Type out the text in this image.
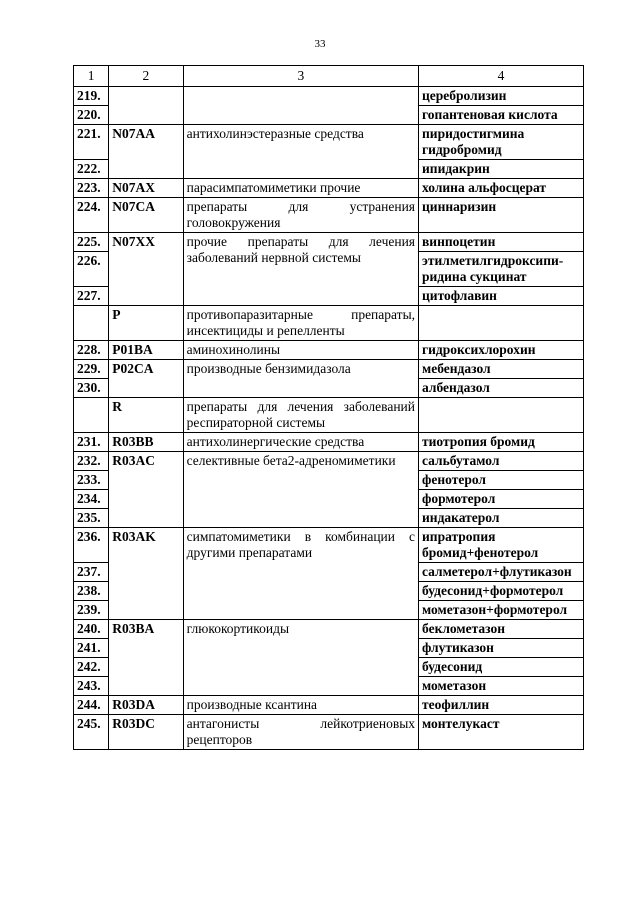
33
1	2	3	4
219.			церебролизин
220.			гопантеновая кислота
221.	N07AA	антихолинэстеразные средства	пиридостигмина гидробромид
222.			ипидакрин
223.	N07AX	парасимпатомиметики прочие	холина альфосцерат
224.	N07CA	препараты для устранения головокружения	циннаризин
225.	N07XX	прочие препараты для лечения заболеваний нервной системы	винпоцетин
226.			этилметилгидроксипи-ридина сукцинат
227.			цитофлавин
	P	противопаразитарные препараты, инсектициды и репелленты	
228.	P01BA	аминохинолины	гидроксихлорохин
229.	P02CA	производные бензимидазола	мебендазол
230.			албендазол
	R	препараты для лечения заболеваний респираторной системы	
231.	R03BB	антихолинергические средства	тиотропия бромид
232.	R03AC	селективные бета2-адреномиметики	сальбутамол
233.			фенотерол
234.			формотерол
235.			индакатерол
236.	R03AK	симпатомиметики в комбинации с другими препаратами	ипратропия бромид+фенотерол
237.			салметерол+флутиказон
238.			будесонид+формотерол
239.			мометазон+формотерол
240.	R03BA	глюкокортикоиды	беклометазон
241.			флутиказон
242.			будесонид
243.			мометазон
244.	R03DA	производные ксантина	теофиллин
245.	R03DC	антагонисты лейкотриеновых рецепторов	монтелукаст
